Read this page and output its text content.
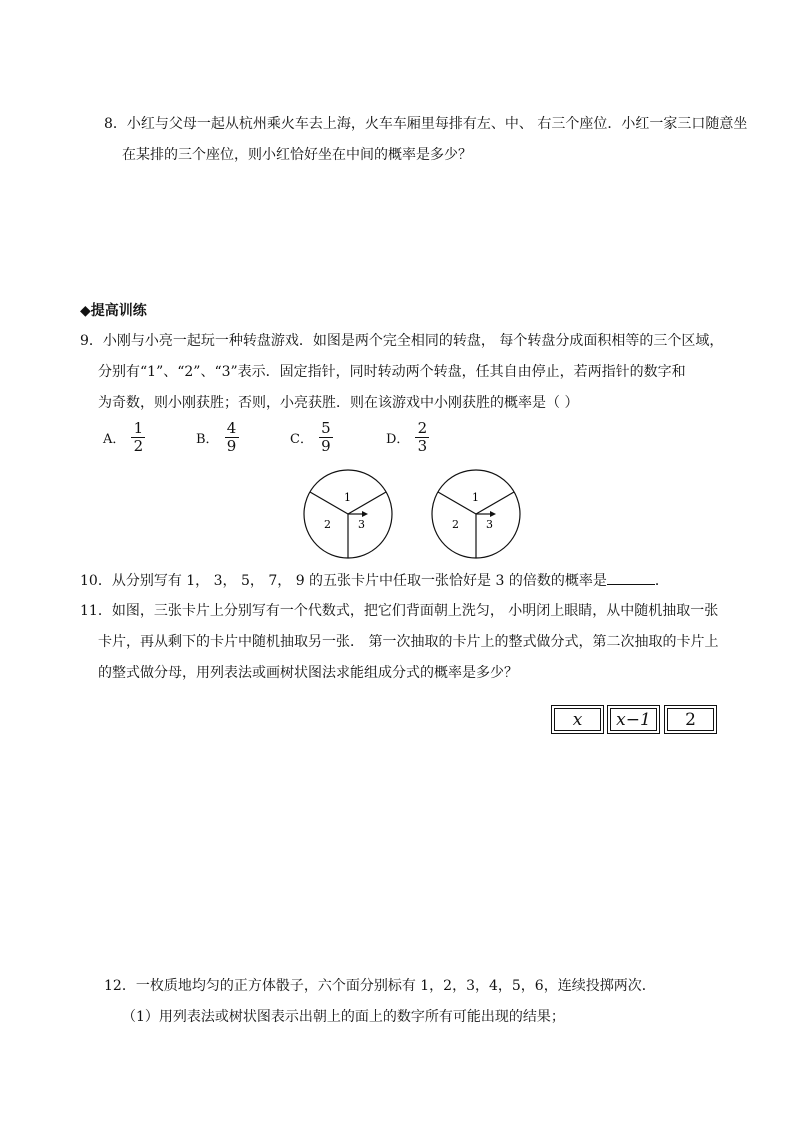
8．小红与父母一起从杭州乘火车去上海，火车车厢里每排有左、中、 右三个座位．小红一家三口随意坐
在某排的三个座位，则小红恰好坐在中间的概率是多少？
◆提高训练
9．小刚与小亮一起玩一种转盘游戏．如图是两个完全相同的转盘， 每个转盘分成面积相等的三个区域，
分别有“1”、“2”、“3”表示．固定指针，同时转动两个转盘，任其自由停止，若两指针的数字和
为奇数，则小刚获胜；否则，小亮获胜．则在该游戏中小刚获胜的概率是（ ）
A． $\frac{1}{2}$	B． $\frac{4}{9}$	C． $\frac{5}{9}$	D． $\frac{2}{3}$
1
2 3
1
2 3
10．从分别写有 1， 3， 5， 7， 9 的五张卡片中任取一张恰好是 3 的倍数的概率是	．
11．如图，三张卡片上分别写有一个代数式，把它们背面朝上洗匀， 小明闭上眼睛，从中随机抽取一张
卡片，再从剩下的卡片中随机抽取另一张． 第一次抽取的卡片上的整式做分式，第二次抽取的卡片上
的整式做分母，用列表法或画树状图法求能组成分式的概率是多少？
x x−1 2
12．一枚质地均匀的正方体骰子，六个面分别标有 1，2，3，4，5，6，连续投掷两次．
（1）用列表法或树状图表示出朝上的面上的数字所有可能出现的结果；
